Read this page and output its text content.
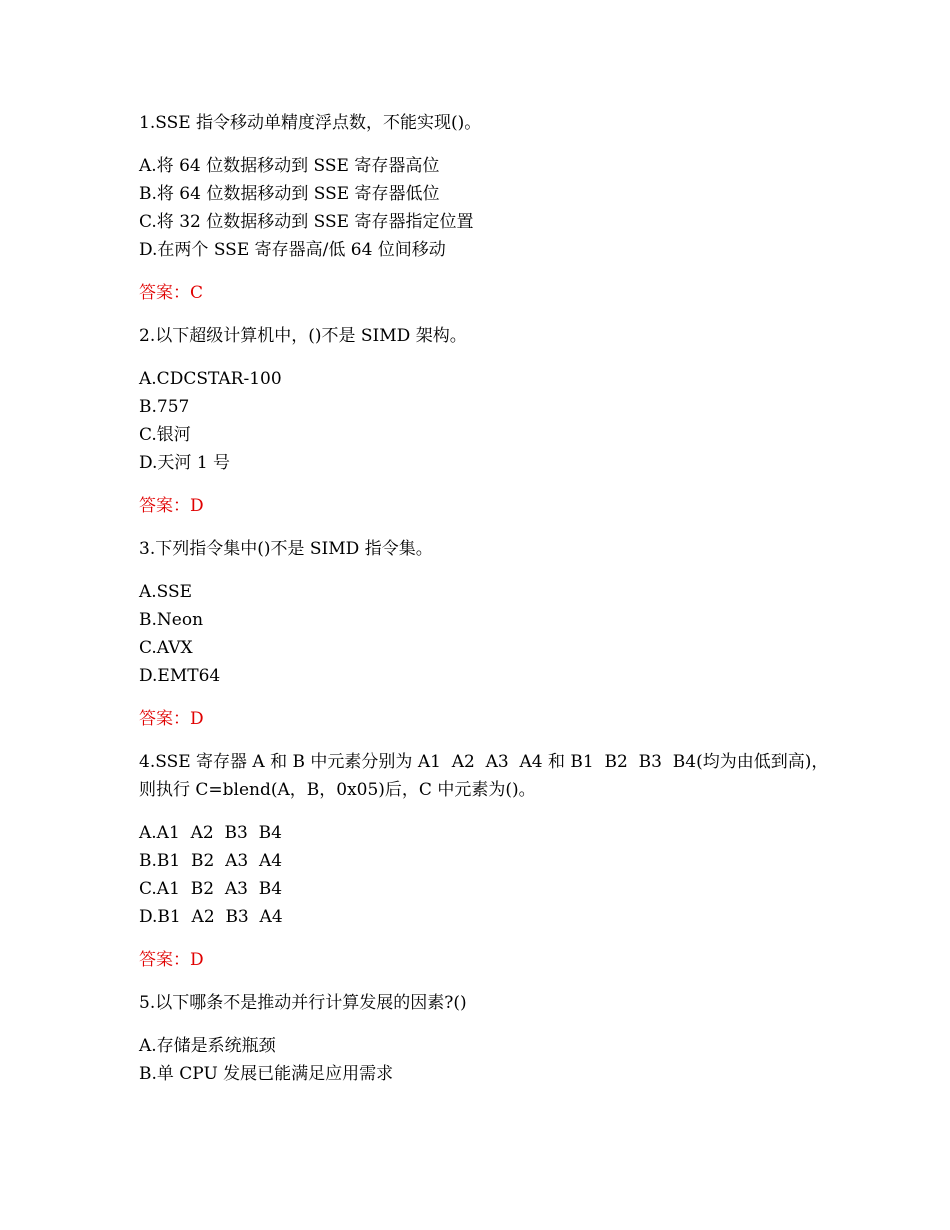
1.SSE 指令移动单精度浮点数，不能实现()。
A.将 64 位数据移动到 SSE 寄存器高位
B.将 64 位数据移动到 SSE 寄存器低位
C.将 32 位数据移动到 SSE 寄存器指定位置
D.在两个 SSE 寄存器高/低 64 位间移动
答案：C
2.以下超级计算机中，()不是 SIMD 架构。
A.CDCSTAR-100
B.757
C.银河
D.天河 1 号
答案：D
3.下列指令集中()不是 SIMD 指令集。
A.SSE
B.Neon
C.AVX
D.EMT64
答案：D
4.SSE 寄存器 A 和 B 中元素分别为 A1  A2  A3  A4 和 B1  B2  B3  B4(均为由低到高)，
则执行 C=blend(A，B，0x05)后，C 中元素为()。
A.A1  A2  B3  B4
B.B1  B2  A3  A4
C.A1  B2  A3  B4
D.B1  A2  B3  A4
答案：D
5.以下哪条不是推动并行计算发展的因素?()
A.存储是系统瓶颈
B.单 CPU 发展已能满足应用需求
